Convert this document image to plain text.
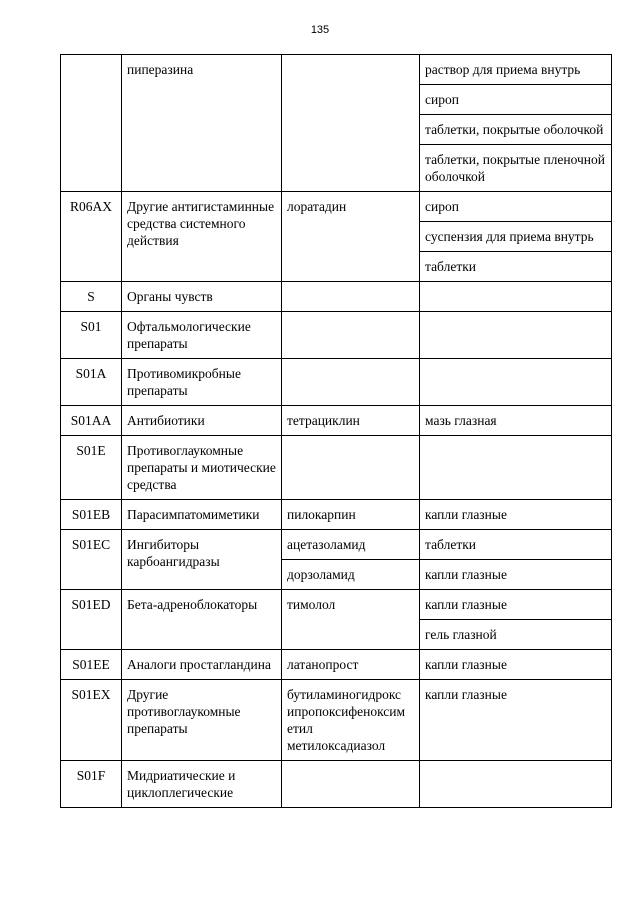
135
	пиперазина		раствор для приема внутрь
			сироп
			таблетки, покрытые оболочкой
			таблетки, покрытые пленочной оболочкой
R06AX	Другие антигистаминные средства системного действия	лоратадин	сироп
			суспензия для приема внутрь
			таблетки
S	Органы чувств		
S01	Офтальмологические препараты		
S01A	Противомикробные препараты		
S01AA	Антибиотики	тетрациклин	мазь глазная
S01E	Противоглаукомные препараты и миотические средства		
S01EB	Парасимпатомиметики	пилокарпин	капли глазные
S01EC	Ингибиторы карбоангидразы	ацетазоламид	таблетки
		дорзоламид	капли глазные
S01ED	Бета-адреноблокаторы	тимолол	капли глазные
			гель глазной
S01EE	Аналоги простагландина	латанопрост	капли глазные
S01EX	Другие противоглаукомные препараты	бутиламиногидрокс ипропоксифеноксим етил метилоксадиазол	капли глазные
S01F	Мидриатические и циклоплегические		
